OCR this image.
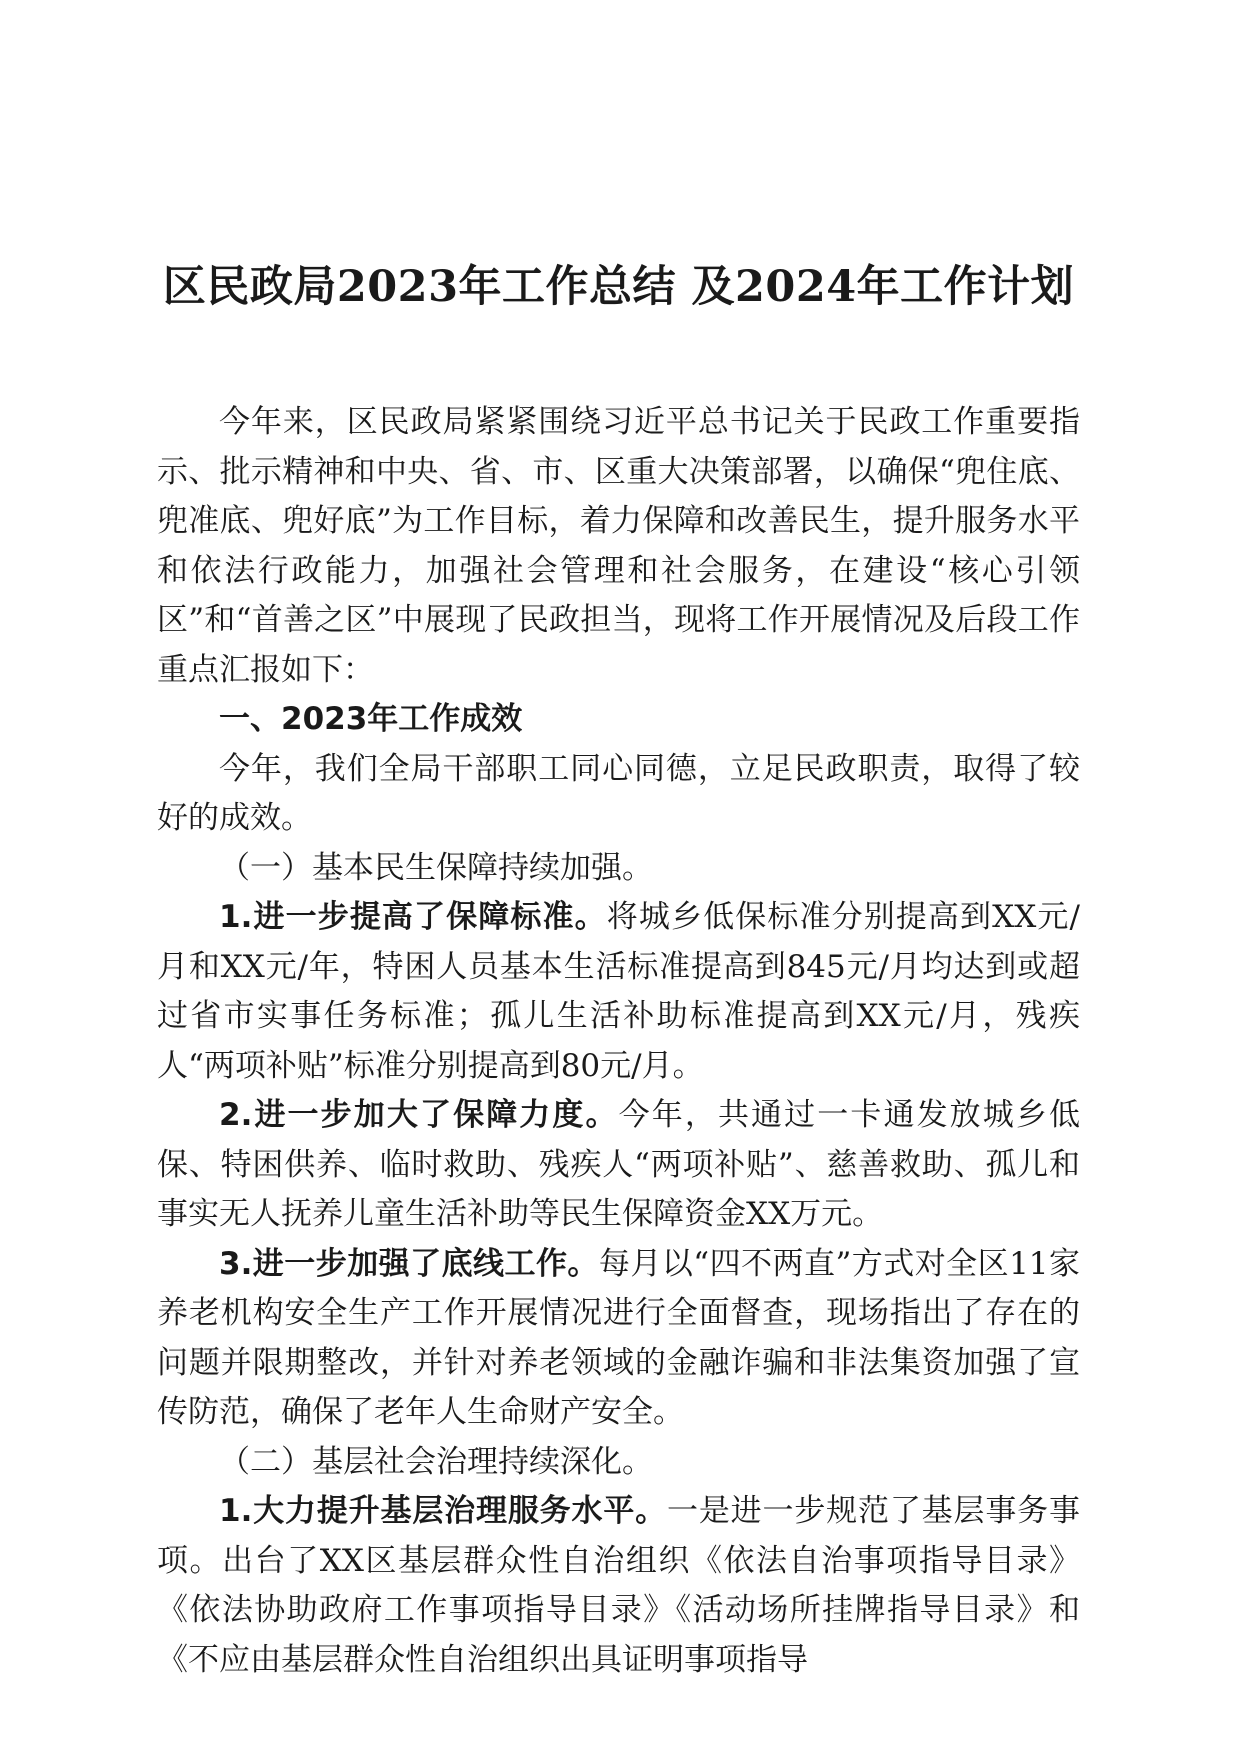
区民政局2023年工作总结 及2024年工作计划

今年来，区民政局紧紧围绕习近平总书记关于民政工作重要指示、批示精神和中央、省、市、区重大决策部署，以确保“兜住底、兜准底、兜好底”为工作目标，着力保障和改善民生，提升服务水平和依法行政能力，加强社会管理和社会服务，在建设“核心引领区”和“首善之区”中展现了民政担当，现将工作开展情况及后段工作重点汇报如下：

一、2023年工作成效

今年，我们全局干部职工同心同德，立足民政职责，取得了较好的成效。

（一）基本民生保障持续加强。

1.进一步提高了保障标准。将城乡低保标准分别提高到XX元/月和XX元/年，特困人员基本生活标准提高到845元/月均达到或超过省市实事任务标准；孤儿生活补助标准提高到XX元/月，残疾人“两项补贴”标准分别提高到80元/月。

2.进一步加大了保障力度。今年，共通过一卡通发放城乡低保、特困供养、临时救助、残疾人“两项补贴”、慈善救助、孤儿和事实无人抚养儿童生活补助等民生保障资金XX万元。

3.进一步加强了底线工作。每月以“四不两直”方式对全区11家养老机构安全生产工作开展情况进行全面督查，现场指出了存在的问题并限期整改，并针对养老领域的金融诈骗和非法集资加强了宣传防范，确保了老年人生命财产安全。

（二）基层社会治理持续深化。

1.大力提升基层治理服务水平。一是进一步规范了基层事务事项。出台了XX区基层群众性自治组织《依法自治事项指导目录》《依法协助政府工作事项指导目录》《活动场所挂牌指导目录》和《不应由基层群众性自治组织出具证明事项指导
